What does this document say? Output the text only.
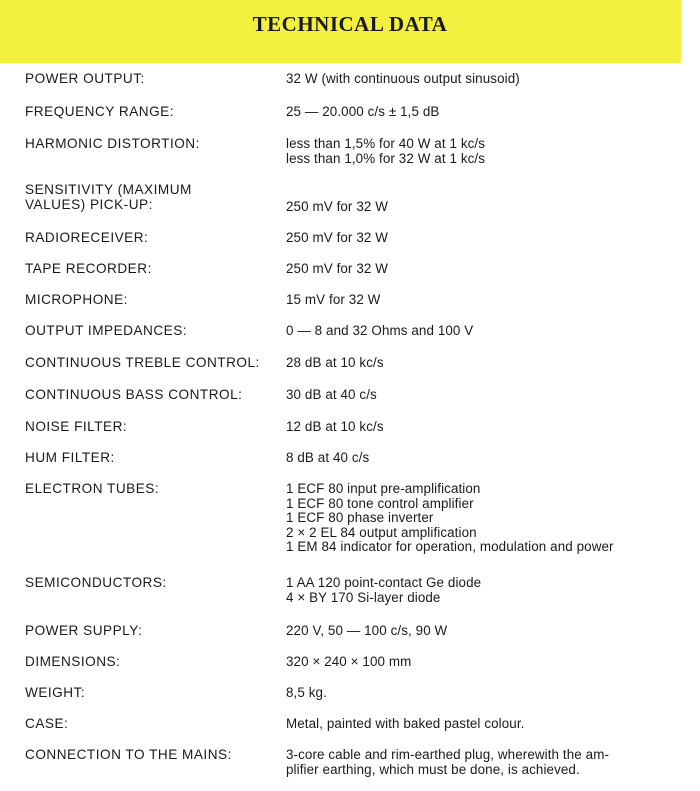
TECHNICAL DATA
POWER OUTPUT:	32 W (with continuous output sinusoid)
FREQUENCY RANGE:	25 — 20.000 c/s ± 1,5 dB
HARMONIC DISTORTION:	less than 1,5% for 40 W at 1 kc/s
less than 1,0% for 32 W at 1 kc/s
SENSITIVITY (MAXIMUM
VALUES) PICK-UP:	250 mV for 32 W
RADIORECEIVER:	250 mV for 32 W
TAPE RECORDER:	250 mV for 32 W
MICROPHONE:	15 mV for 32 W
OUTPUT IMPEDANCES:	0 — 8 and 32 Ohms and 100 V
CONTINUOUS TREBLE CONTROL:	28 dB at 10 kc/s
CONTINUOUS BASS CONTROL:	30 dB at 40 c/s
NOISE FILTER:	12 dB at 10 kc/s
HUM FILTER:	8 dB at 40 c/s
ELECTRON TUBES:	1 ECF 80 input pre-amplification
1 ECF 80 tone control amplifier
1 ECF 80 phase inverter
2 × 2 EL 84 output amplification
1 EM 84 indicator for operation, modulation and power
SEMICONDUCTORS:	1 AA 120 point-contact Ge diode
4 × BY 170 Si-layer diode
POWER SUPPLY:	220 V, 50 — 100 c/s, 90 W
DIMENSIONS:	320 × 240 × 100 mm
WEIGHT:	8,5 kg.
CASE:	Metal, painted with baked pastel colour.
CONNECTION TO THE MAINS:	3-core cable and rim-earthed plug, wherewith the am-
plifier earthing, which must be done, is achieved.
